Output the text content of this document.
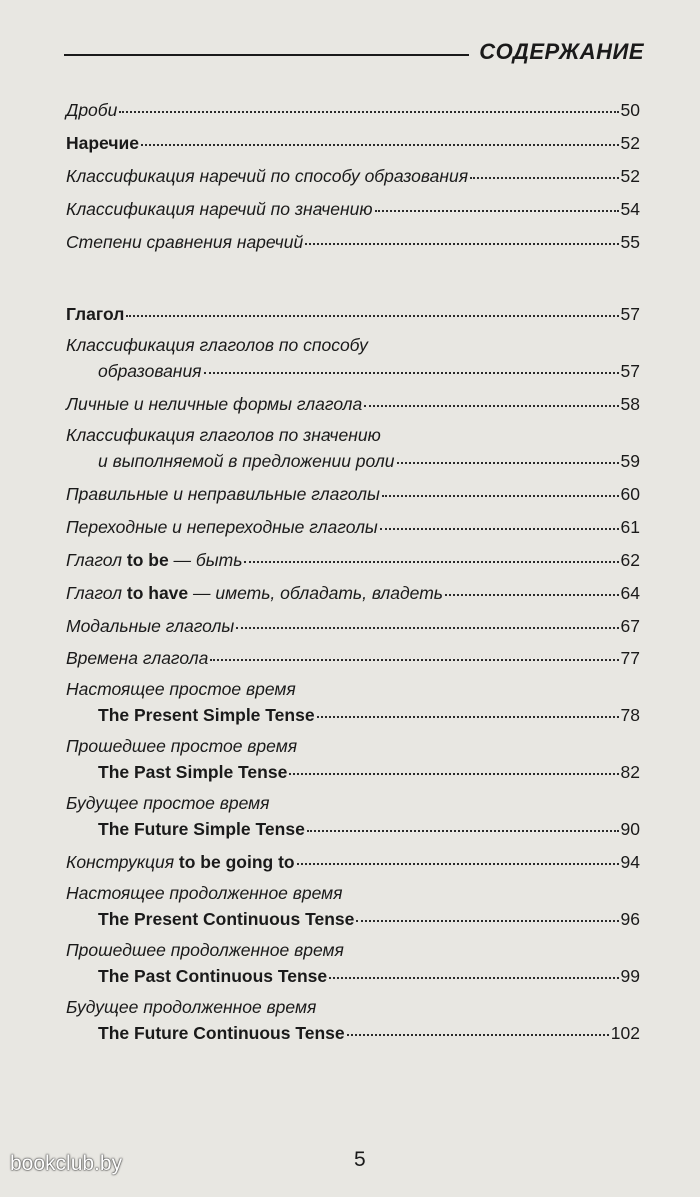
СОДЕРЖАНИЕ
Дроби	50
Наречие	52
Классификация наречий по способу образования	52
Классификация наречий по значению	54
Степени сравнения наречий	55
Глагол	57
Классификация глаголов по способу
образования	57
Личные и неличные формы глагола	58
Классификация глаголов по значению
и выполняемой в предложении роли	59
Правильные и неправильные глаголы	60
Переходные и непереходные глаголы	61
Глагол to be — быть	62
Глагол to have — иметь, обладать, владеть	64
Модальные глаголы	67
Времена глагола	77
Настоящее простое время
The Present Simple Tense	78
Прошедшее простое время
The Past Simple Tense	82
Будущее простое время
The Future Simple Tense	90
Конструкция to be going to	94
Настоящее продолженное время
The Present Continuous Tense	96
Прошедшее продолженное время
The Past Continuous Tense	99
Будущее продолженное время
The Future Continuous Tense	102
bookclub.by	5
